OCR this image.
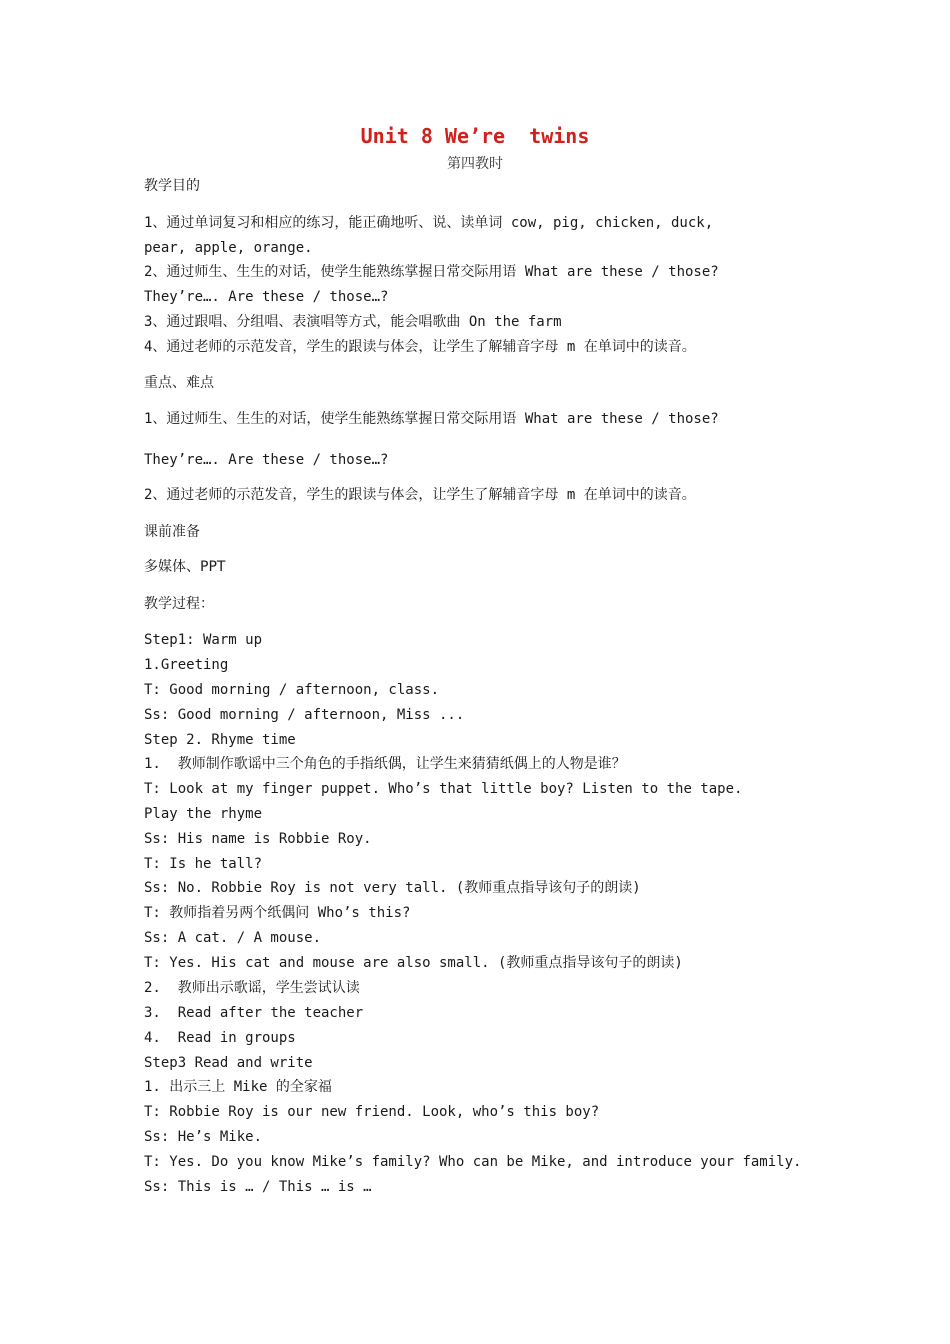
Unit 8 We’re  twins
第四教时
教学目的
1、通过单词复习和相应的练习，能正确地听、说、读单词 cow, pig, chicken, duck,
pear, apple, orange.
2、通过师生、生生的对话，使学生能熟练掌握日常交际用语 What are these / those?
They’re…. Are these / those…?
3、通过跟唱、分组唱、表演唱等方式，能会唱歌曲 On the farm
4、通过老师的示范发音，学生的跟读与体会，让学生了解辅音字母 m 在单词中的读音。
重点、难点
1、通过师生、生生的对话，使学生能熟练掌握日常交际用语 What are these / those?
They’re…. Are these / those…?
2、通过老师的示范发音，学生的跟读与体会，让学生了解辅音字母 m 在单词中的读音。
课前准备
多媒体、PPT
教学过程：
Step1: Warm up
1.Greeting
T: Good morning / afternoon, class.
Ss: Good morning / afternoon, Miss ...
Step 2. Rhyme time
1.  教师制作歌谣中三个角色的手指纸偶，让学生来猜猜纸偶上的人物是谁？
T: Look at my finger puppet. Who’s that little boy? Listen to the tape.
Play the rhyme
Ss: His name is Robbie Roy.
T: Is he tall?
Ss: No. Robbie Roy is not very tall. (教师重点指导该句子的朗读)
T: 教师指着另两个纸偶问 Who’s this?
Ss: A cat. / A mouse.
T: Yes. His cat and mouse are also small. (教师重点指导该句子的朗读)
2.  教师出示歌谣，学生尝试认读
3.  Read after the teacher
4.  Read in groups
Step3 Read and write
1. 出示三上 Mike 的全家福
T: Robbie Roy is our new friend. Look, who’s this boy?
Ss: He’s Mike.
T: Yes. Do you know Mike’s family? Who can be Mike, and introduce your family.
Ss: This is … / This … is …
